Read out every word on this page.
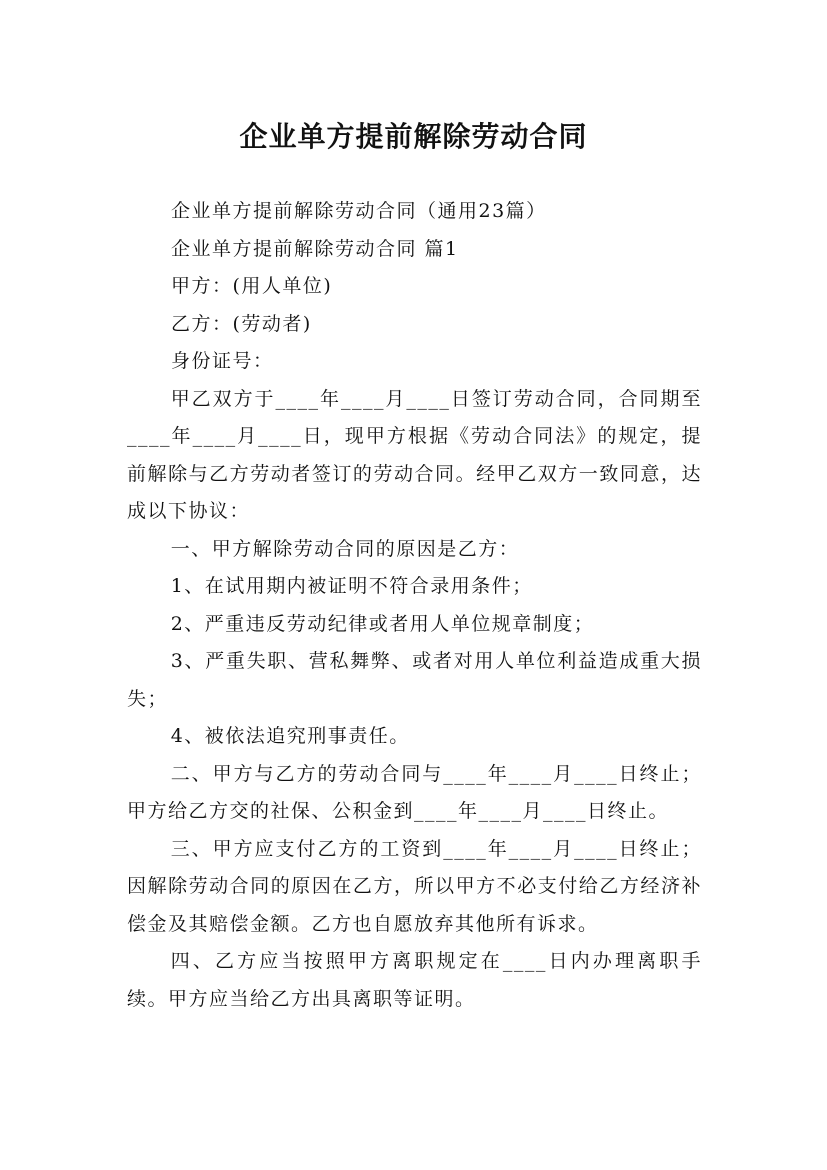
企业单方提前解除劳动合同

企业单方提前解除劳动合同（通用23篇）

企业单方提前解除劳动合同 篇1

甲方：(用人单位)

乙方：(劳动者)

身份证号：

甲乙双方于____年____月____日签订劳动合同，合同期至____年____月____日，现甲方根据《劳动合同法》的规定，提前解除与乙方劳动者签订的劳动合同。经甲乙双方一致同意，达成以下协议：

一、甲方解除劳动合同的原因是乙方：

1、在试用期内被证明不符合录用条件；

2、严重违反劳动纪律或者用人单位规章制度；

3、严重失职、营私舞弊、或者对用人单位利益造成重大损失；

4、被依法追究刑事责任。

二、甲方与乙方的劳动合同与____年____月____日终止；甲方给乙方交的社保、公积金到____年____月____日终止。

三、甲方应支付乙方的工资到____年____月____日终止；因解除劳动合同的原因在乙方，所以甲方不必支付给乙方经济补偿金及其赔偿金额。乙方也自愿放弃其他所有诉求。

四、乙方应当按照甲方离职规定在____日内办理离职手续。甲方应当给乙方出具离职等证明。
